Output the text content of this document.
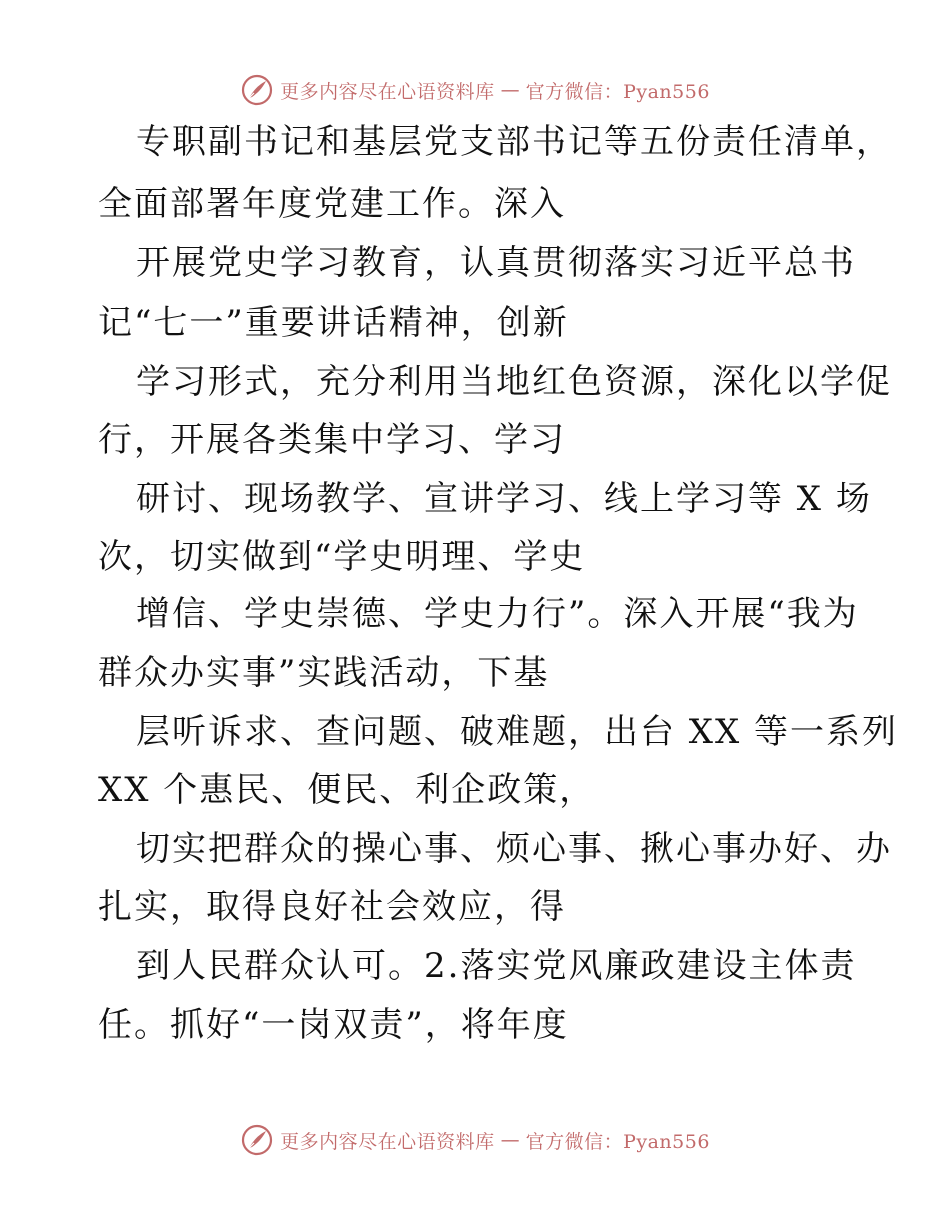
更多内容尽在心语资料库 — 官方微信：Pyan556
专职副书记和基层党支部书记等五份责任清单，
全面部署年度党建工作。深入
开展党史学习教育，认真贯彻落实习近平总书
记“七一”重要讲话精神，创新
学习形式，充分利用当地红色资源，深化以学促
行，开展各类集中学习、学习
研讨、现场教学、宣讲学习、线上学习等 X 场
次，切实做到“学史明理、学史
增信、学史崇德、学史力行”。深入开展“我为
群众办实事”实践活动，下基
层听诉求、查问题、破难题，出台 XX 等一系列
XX 个惠民、便民、利企政策，
切实把群众的操心事、烦心事、揪心事办好、办
扎实，取得良好社会效应，得
到人民群众认可。2.落实党风廉政建设主体责
任。抓好“一岗双责”，将年度
更多内容尽在心语资料库 — 官方微信：Pyan556
